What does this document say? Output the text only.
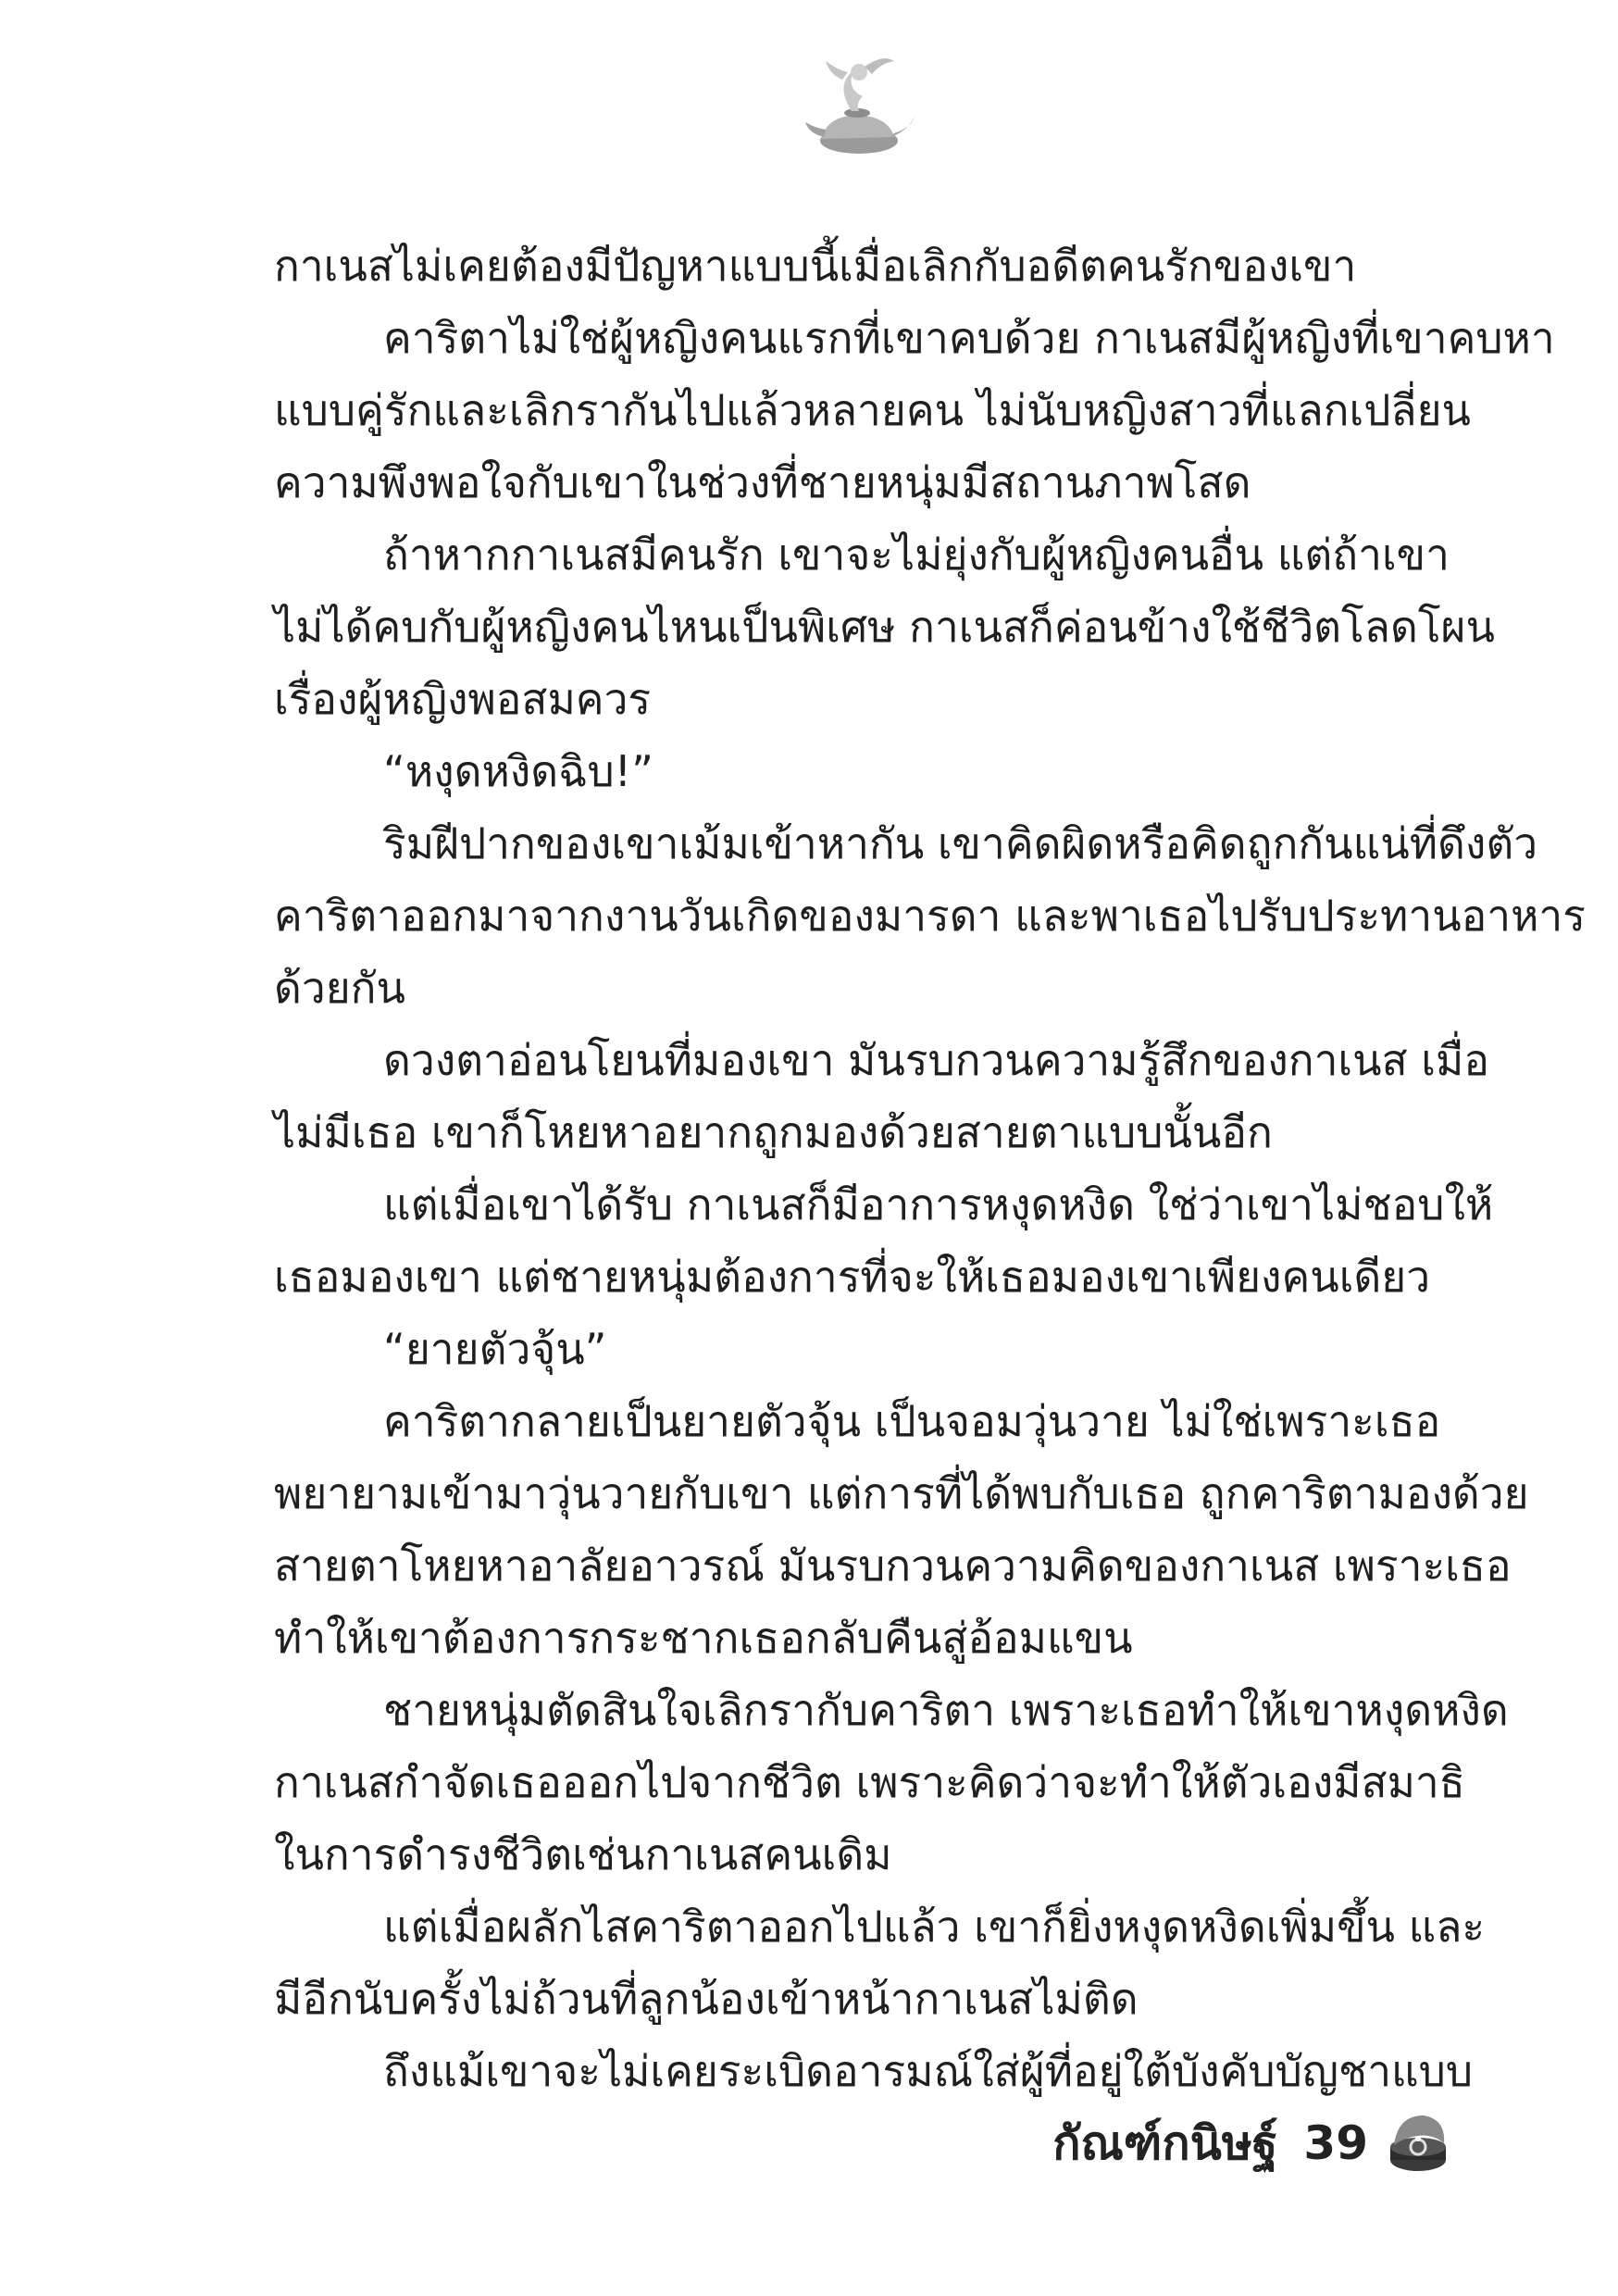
กาเนสไม่เคยต้องมีปัญหาแบบนี้เมื่อเลิกกับอดีตคนรักของเขา
คาริตาไม่ใช่ผู้หญิงคนแรกที่เขาคบด้วย กาเนสมีผู้หญิงที่เขาคบหา
แบบคู่รักและเลิกรากันไปแล้วหลายคน ไม่นับหญิงสาวที่แลกเปลี่ยน
ความพึงพอใจกับเขาในช่วงที่ชายหนุ่มมีสถานภาพโสด
ถ้าหากกาเนสมีคนรัก เขาจะไม่ยุ่งกับผู้หญิงคนอื่น แต่ถ้าเขา
ไม่ได้คบกับผู้หญิงคนไหนเป็นพิเศษ กาเนสก็ค่อนข้างใช้ชีวิตโลดโผน
เรื่องผู้หญิงพอสมควร
“หงุดหงิดฉิบ!”
ริมฝีปากของเขาเม้มเข้าหากัน เขาคิดผิดหรือคิดถูกกันแน่ที่ดึงตัว
คาริตาออกมาจากงานวันเกิดของมารดา และพาเธอไปรับประทานอาหาร
ด้วยกัน
ดวงตาอ่อนโยนที่มองเขา มันรบกวนความรู้สึกของกาเนส เมื่อ
ไม่มีเธอ เขาก็โหยหาอยากถูกมองด้วยสายตาแบบนั้นอีก
แต่เมื่อเขาได้รับ กาเนสก็มีอาการหงุดหงิด ใช่ว่าเขาไม่ชอบให้
เธอมองเขา แต่ชายหนุ่มต้องการที่จะให้เธอมองเขาเพียงคนเดียว
“ยายตัวจุ้น”
คาริตากลายเป็นยายตัวจุ้น เป็นจอมวุ่นวาย ไม่ใช่เพราะเธอ
พยายามเข้ามาวุ่นวายกับเขา แต่การที่ได้พบกับเธอ ถูกคาริตามองด้วย
สายตาโหยหาอาลัยอาวรณ์ มันรบกวนความคิดของกาเนส เพราะเธอ
ทำให้เขาต้องการกระชากเธอกลับคืนสู่อ้อมแขน
ชายหนุ่มตัดสินใจเลิกรากับคาริตา เพราะเธอทำให้เขาหงุดหงิด
กาเนสกำจัดเธอออกไปจากชีวิต เพราะคิดว่าจะทำให้ตัวเองมีสมาธิ
ในการดำรงชีวิตเช่นกาเนสคนเดิม
แต่เมื่อผลักไสคาริตาออกไปแล้ว เขาก็ยิ่งหงุดหงิดเพิ่มขึ้น และ
มีอีกนับครั้งไม่ถ้วนที่ลูกน้องเข้าหน้ากาเนสไม่ติด
ถึงแม้เขาจะไม่เคยระเบิดอารมณ์ใส่ผู้ที่อยู่ใต้บังคับบัญชาแบบ
กัณฑ์กนิษฐ์ 39
